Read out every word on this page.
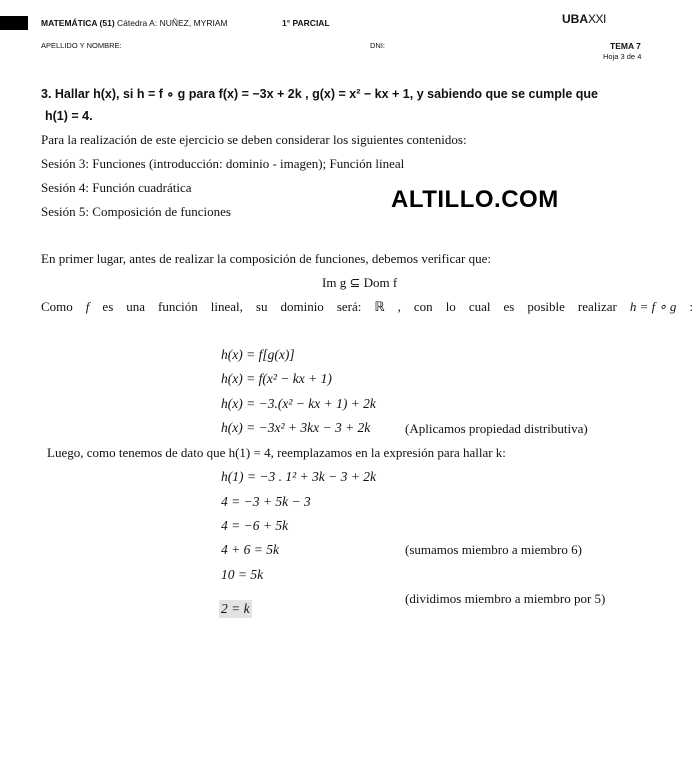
MATEMÁTICA (51) Cátedra A: NUÑEZ, MYRIAM	1° PARCIAL	UBAXXI
APELLIDO Y NOMBRE:	DNI:	TEMA 7
Hoja 3 de 4
3. Hallar h(x), si h = f ∘ g para f(x) = −3x + 2k , g(x) = x² − kx + 1, y sabiendo que se cumple que
h(1) = 4.
Para la realización de este ejercicio se deben considerar los siguientes contenidos:
Sesión 3: Funciones (introducción: dominio - imagen); Función lineal
Sesión 4: Función cuadrática
Sesión 5: Composición de funciones	ALTILLO.COM
En primer lugar, antes de realizar la composición de funciones, debemos verificar que:
Im g ⊆ Dom f
Como f es una función lineal, su dominio será: ℝ , con lo cual es posible realizar h = f ∘ g :
h(x) = f[g(x)]
h(x) = f(x² − kx + 1)
h(x) = −3.(x² − kx + 1) + 2k
h(x) = −3x² + 3kx − 3 + 2k	(Aplicamos propiedad distributiva)
Luego, como tenemos de dato que h(1) = 4, reemplazamos en la expresión para hallar k:
h(1) = −3 . 1² + 3k − 3 + 2k
4 = −3 + 5k − 3
4 = −6 + 5k
4 + 6 = 5k	(sumamos miembro a miembro 6)
10 = 5k
(dividimos miembro a miembro por 5)
2 = k
